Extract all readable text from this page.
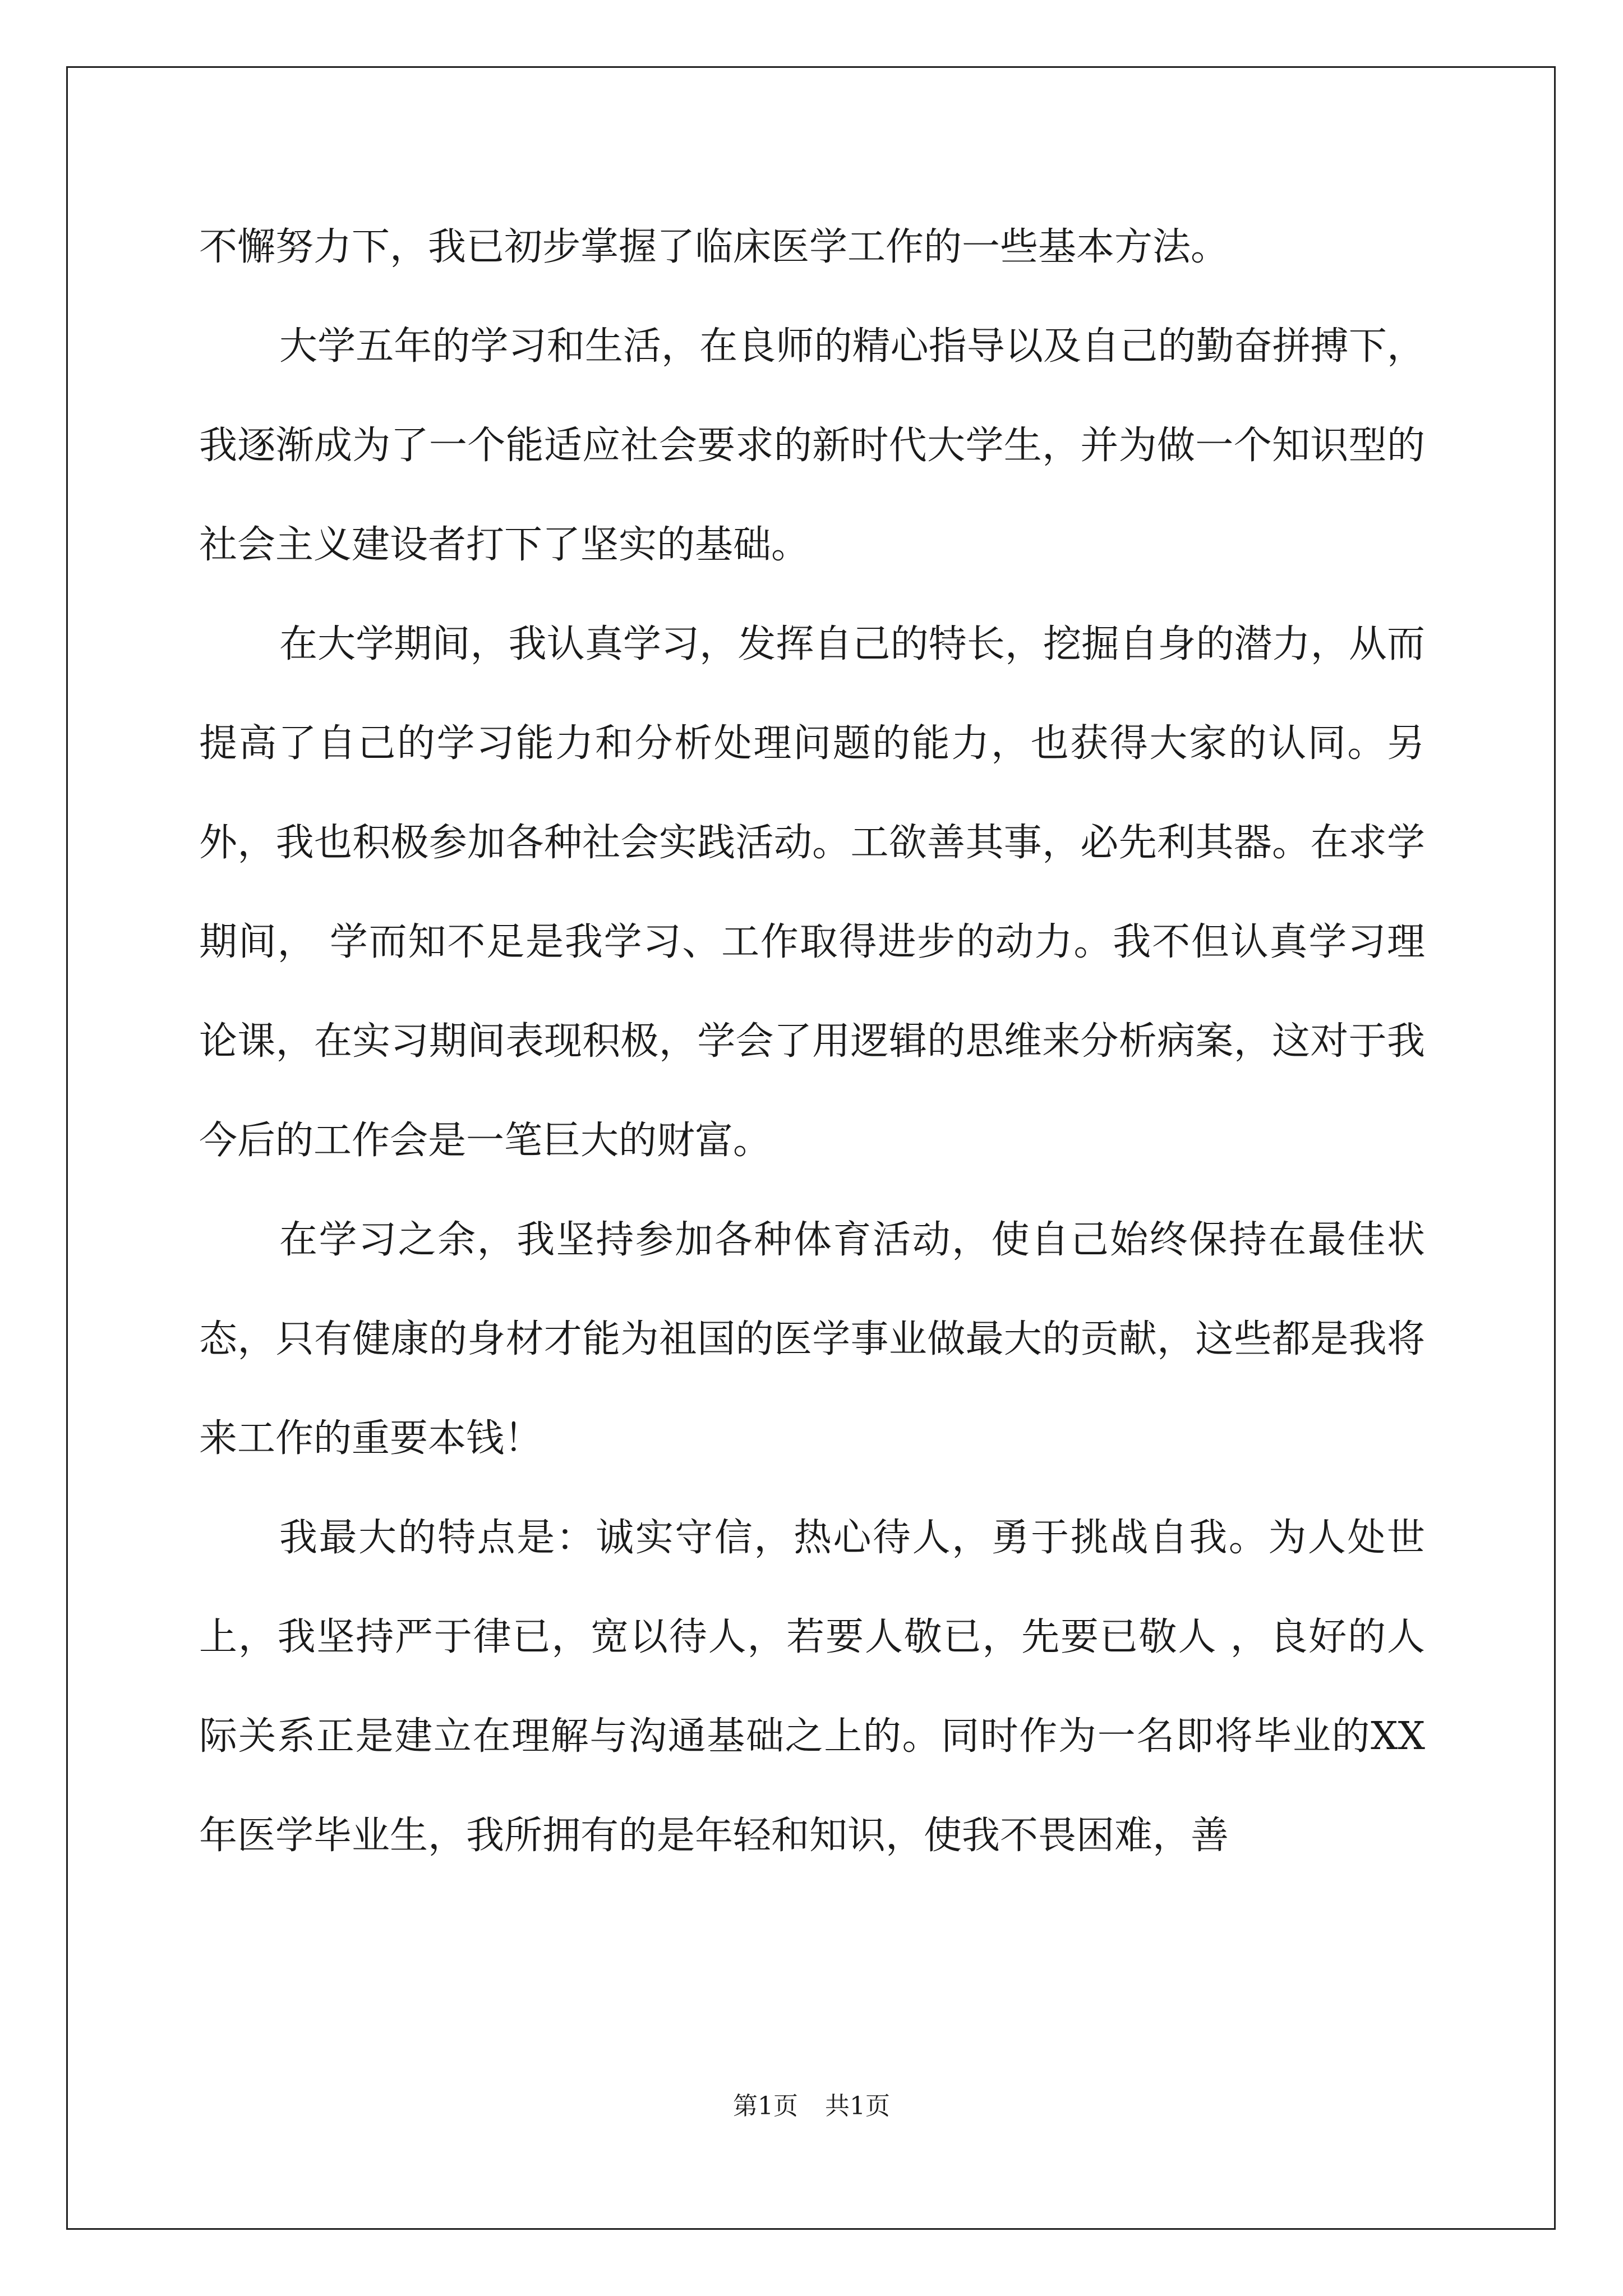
不懈努力下，我已初步掌握了临床医学工作的一些基本方法。

大学五年的学习和生活，在良师的精心指导以及自己的勤奋拼搏下，我逐渐成为了一个能适应社会要求的新时代大学生，并为做一个知识型的社会主义建设者打下了坚实的基础。

在大学期间，我认真学习，发挥自己的特长，挖掘自身的潜力，从而提高了自己的学习能力和分析处理问题的能力，也获得大家的认同。另外，我也积极参加各种社会实践活动。工欲善其事，必先利其器。在求学期间， 学而知不足是我学习、工作取得进步的动力。我不但认真学习理论课，在实习期间表现积极，学会了用逻辑的思维来分析病案，这对于我今后的工作会是一笔巨大的财富。

在学习之余，我坚持参加各种体育活动，使自己始终保持在最佳状态，只有健康的身材才能为祖国的医学事业做最大的贡献，这些都是我将来工作的重要本钱！

我最大的特点是：诚实守信，热心待人，勇于挑战自我。为人处世上，我坚持严于律已，宽以待人，若要人敬已，先要已敬人 ，良好的人际关系正是建立在理解与沟通基础之上的。同时作为一名即将毕业的XX年医学毕业生，我所拥有的是年轻和知识，使我不畏困难，善

第1页 共1页
